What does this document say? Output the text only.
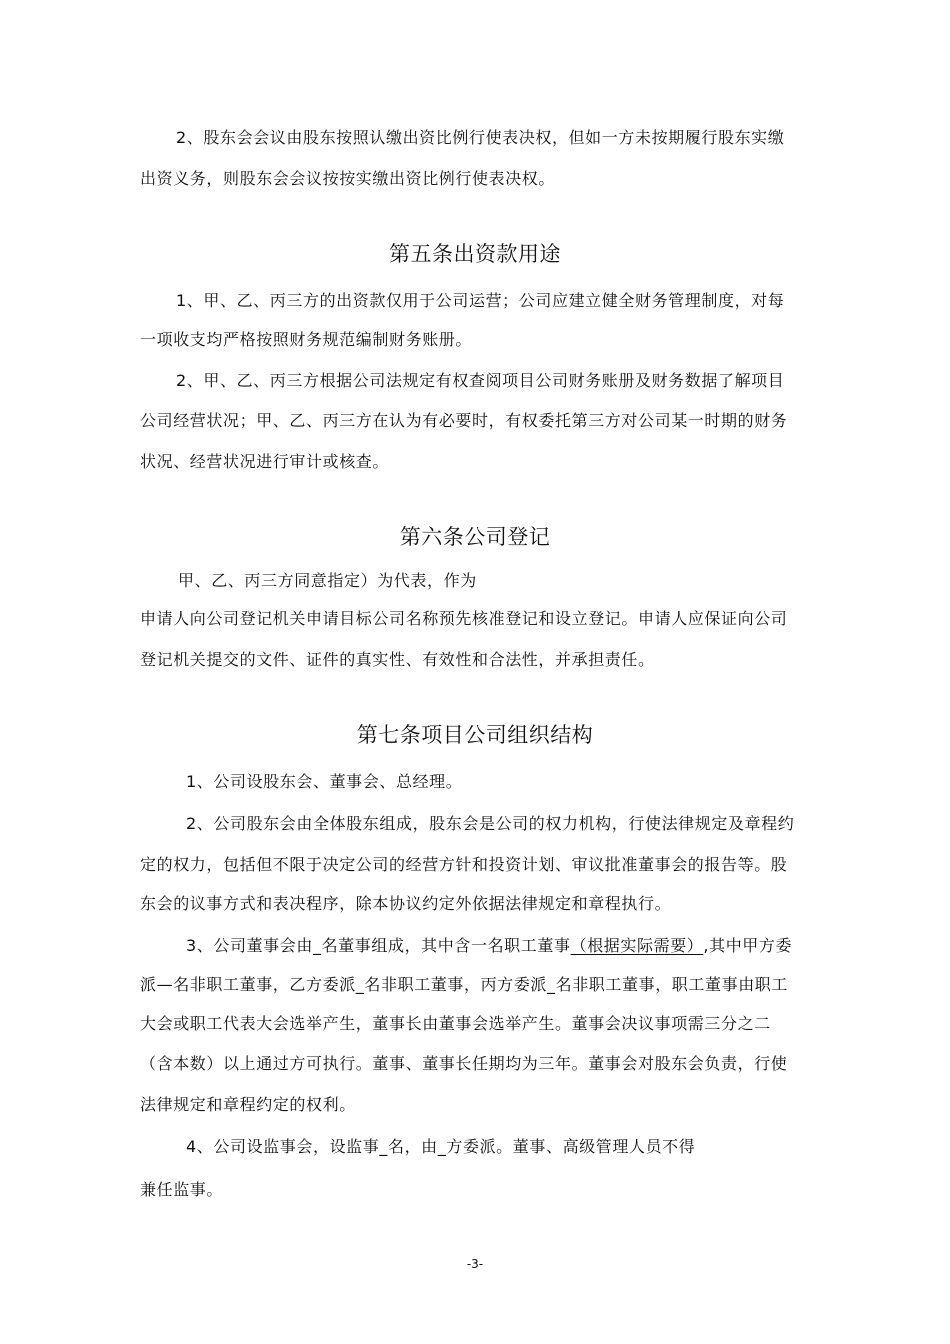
2、股东会会议由股东按照认缴出资比例行使表决权，但如一方未按期履行股东实缴
出资义务，则股东会会议按按实缴出资比例行使表决权。
第五条出资款用途
1、甲、乙、丙三方的出资款仅用于公司运营；公司应建立健全财务管理制度，对每
一项收支均严格按照财务规范编制财务账册。
2、甲、乙、丙三方根据公司法规定有权查阅项目公司财务账册及财务数据了解项目
公司经营状况；甲、乙、丙三方在认为有必要时，有权委托第三方对公司某一时期的财务
状况、经营状况进行审计或核查。
第六条公司登记
甲、乙、丙三方同意指定）为代表，作为
申请人向公司登记机关申请目标公司名称预先核准登记和设立登记。申请人应保证向公司
登记机关提交的文件、证件的真实性、有效性和合法性，并承担责任。
第七条项目公司组织结构
1、公司设股东会、董事会、总经理。
2、公司股东会由全体股东组成，股东会是公司的权力机构，行使法律规定及章程约
定的权力，包括但不限于决定公司的经营方针和投资计划、审议批准董事会的报告等。股
东会的议事方式和表决程序，除本协议约定外依据法律规定和章程执行。
3、公司董事会由_名董事组成，其中含一名职工董事（根据实际需要）,其中甲方委
派—名非职工董事，乙方委派_名非职工董事，丙方委派_名非职工董事，职工董事由职工
大会或职工代表大会选举产生，董事长由董事会选举产生。董事会决议事项需三分之二
（含本数）以上通过方可执行。董事、董事长任期均为三年。董事会对股东会负责，行使
法律规定和章程约定的权利。
4、公司设监事会，设监事_名，由_方委派。董事、高级管理人员不得
兼任监事。
-3-
